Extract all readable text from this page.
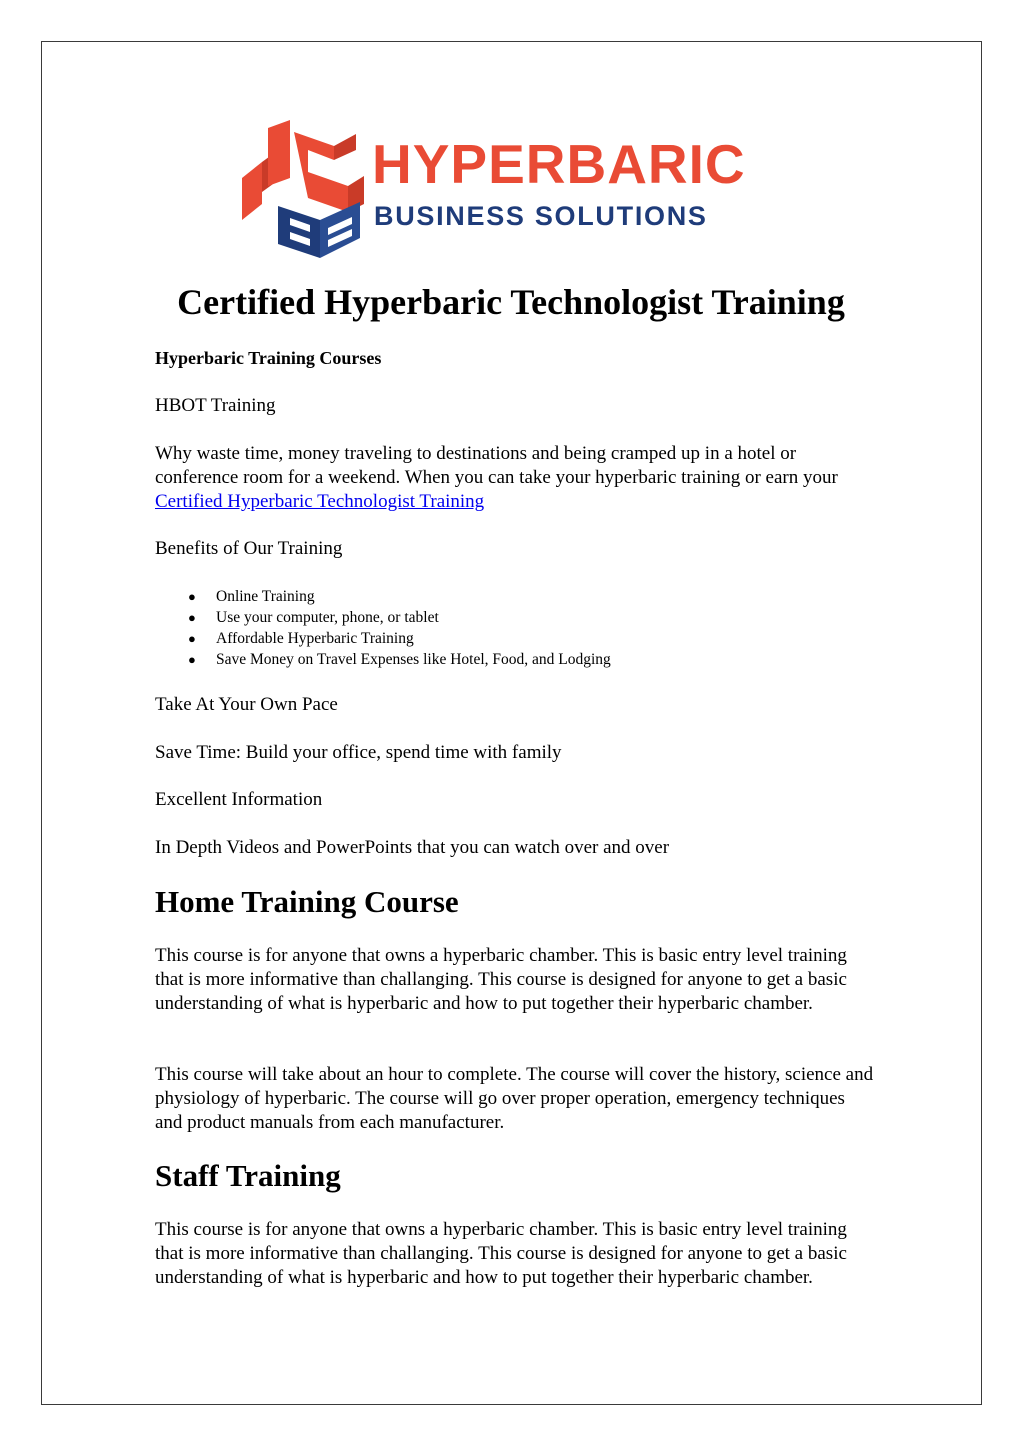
HYPERBARIC
BUSINESS SOLUTIONS
Certified Hyperbaric Technologist Training

Hyperbaric Training Courses

HBOT Training

Why waste time, money traveling to destinations and being cramped up in a hotel or conference room for a weekend. When you can take your hyperbaric training or earn your Certified Hyperbaric Technologist Training

Benefits of Our Training

● Online Training
● Use your computer, phone, or tablet
● Affordable Hyperbaric Training
● Save Money on Travel Expenses like Hotel, Food, and Lodging

Take At Your Own Pace

Save Time: Build your office, spend time with family

Excellent Information

In Depth Videos and PowerPoints that you can watch over and over

Home Training Course

This course is for anyone that owns a hyperbaric chamber. This is basic entry level training that is more informative than challanging. This course is designed for anyone to get a basic understanding of what is hyperbaric and how to put together their hyperbaric chamber.

This course will take about an hour to complete. The course will cover the history, science and physiology of hyperbaric. The course will go over proper operation, emergency techniques and product manuals from each manufacturer.

Staff Training

This course is for anyone that owns a hyperbaric chamber. This is basic entry level training that is more informative than challanging. This course is designed for anyone to get a basic understanding of what is hyperbaric and how to put together their hyperbaric chamber.
